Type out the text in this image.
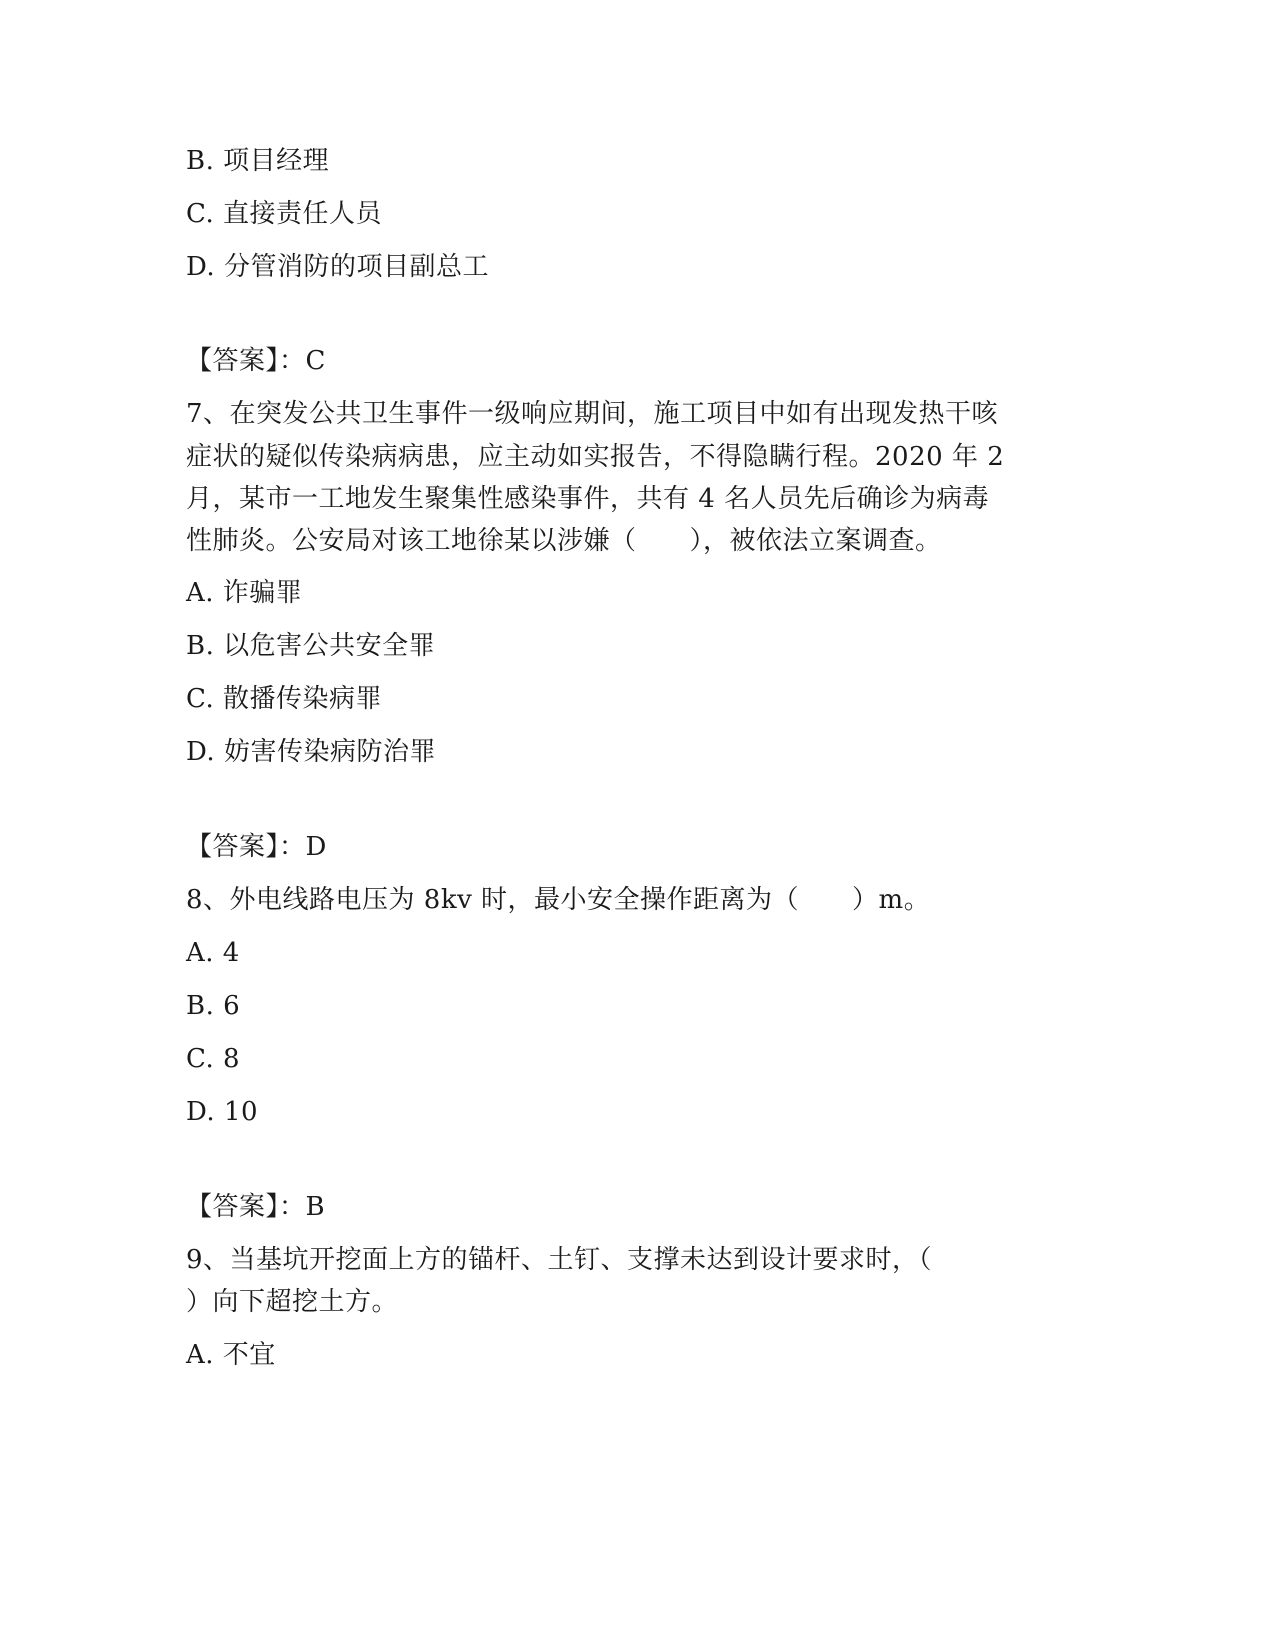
B. 项目经理
C. 直接责任人员
D. 分管消防的项目副总工
【答案】：C
7、在突发公共卫生事件一级响应期间，施工项目中如有出现发热干咳
症状的疑似传染病病患，应主动如实报告，不得隐瞒行程。2020 年 2
月，某市一工地发生聚集性感染事件，共有 4 名人员先后确诊为病毒
性肺炎。公安局对该工地徐某以涉嫌（　　），被依法立案调查。
A. 诈骗罪
B. 以危害公共安全罪
C. 散播传染病罪
D. 妨害传染病防治罪
【答案】：D
8、外电线路电压为 8kv 时，最小安全操作距离为（　　）m。
A. 4
B. 6
C. 8
D. 10
【答案】：B
9、当基坑开挖面上方的锚杆、土钉、支撑未达到设计要求时，（
）向下超挖土方。
A. 不宜
